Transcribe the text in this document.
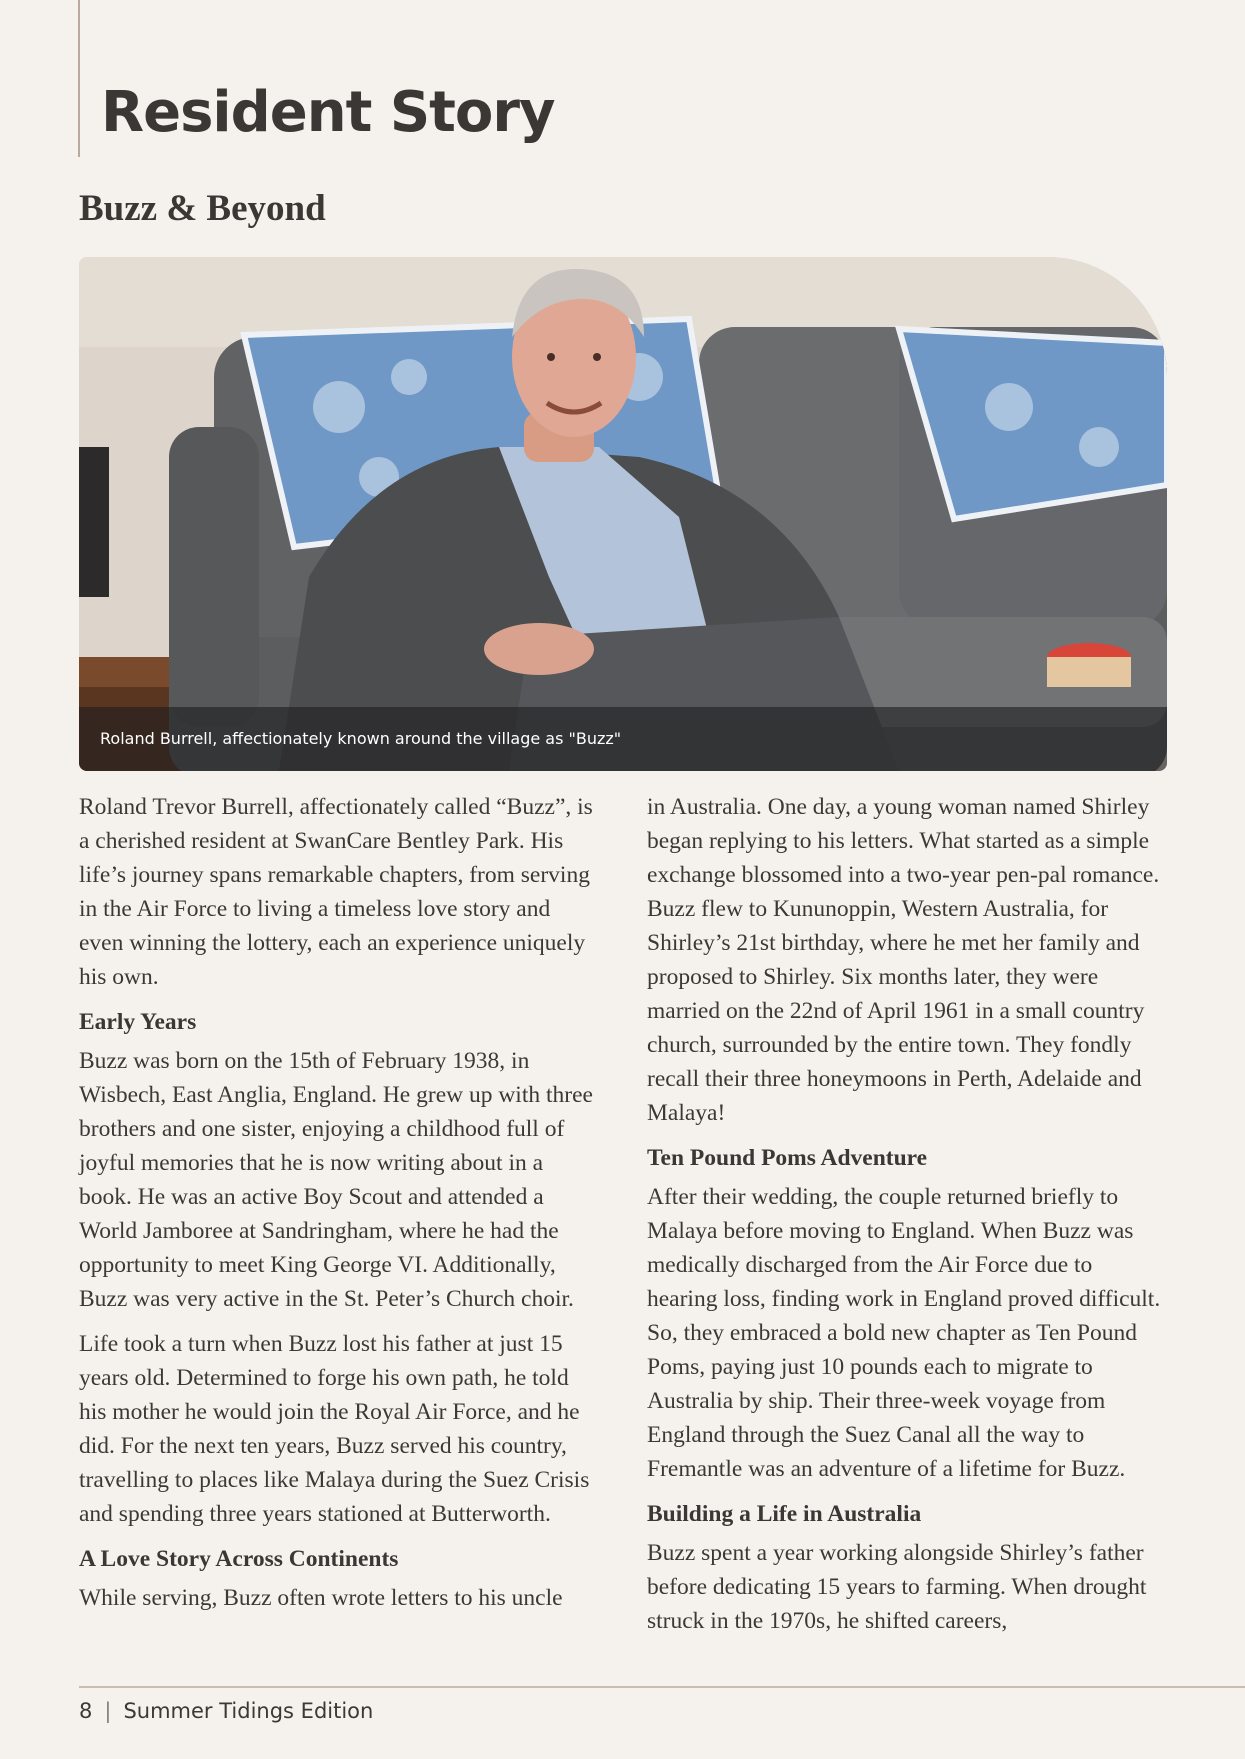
Resident Story
Buzz & Beyond
Roland Burrell, affectionately known around the village as "Buzz"

Roland Trevor Burrell, affectionately called “Buzz”, is a cherished resident at SwanCare Bentley Park. His life’s journey spans remarkable chapters, from serving in the Air Force to living a timeless love story and even winning the lottery, each an experience uniquely his own.

Early Years

Buzz was born on the 15th of February 1938, in Wisbech, East Anglia, England. He grew up with three brothers and one sister, enjoying a childhood full of joyful memories that he is now writing about in a book. He was an active Boy Scout and attended a World Jamboree at Sandringham, where he had the opportunity to meet King George VI. Additionally, Buzz was very active in the St. Peter’s Church choir.

Life took a turn when Buzz lost his father at just 15 years old. Determined to forge his own path, he told his mother he would join the Royal Air Force, and he did. For the next ten years, Buzz served his country, travelling to places like Malaya during the Suez Crisis and spending three years stationed at Butterworth.

A Love Story Across Continents

While serving, Buzz often wrote letters to his uncle

in Australia. One day, a young woman named Shirley began replying to his letters. What started as a simple exchange blossomed into a two-year pen-pal romance. Buzz flew to Kununoppin, Western Australia, for Shirley’s 21st birthday, where he met her family and proposed to Shirley. Six months later, they were married on the 22nd of April 1961 in a small country church, surrounded by the entire town. They fondly recall their three honeymoons in Perth, Adelaide and Malaya!

Ten Pound Poms Adventure

After their wedding, the couple returned briefly to Malaya before moving to England. When Buzz was medically discharged from the Air Force due to hearing loss, finding work in England proved difficult. So, they embraced a bold new chapter as Ten Pound Poms, paying just 10 pounds each to migrate to Australia by ship. Their three-week voyage from England through the Suez Canal all the way to Fremantle was an adventure of a lifetime for Buzz.

Building a Life in Australia

Buzz spent a year working alongside Shirley’s father before dedicating 15 years to farming. When drought struck in the 1970s, he shifted careers,

8 | Summer Tidings Edition
